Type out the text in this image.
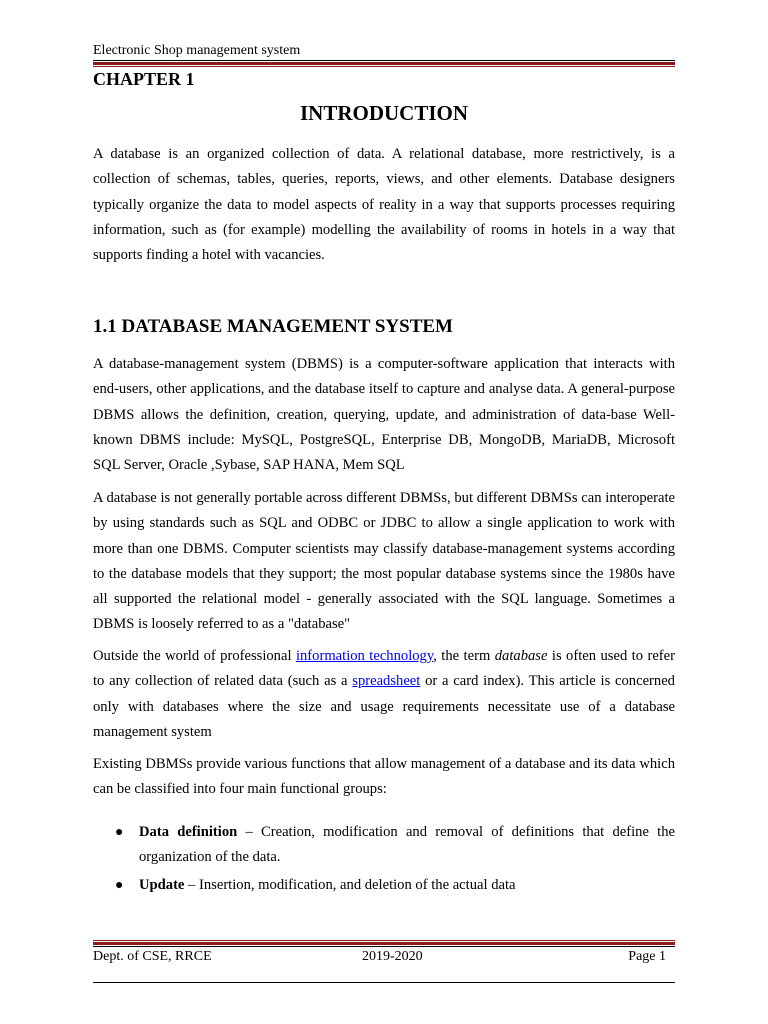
Electronic Shop management system
CHAPTER 1
INTRODUCTION

A database is an organized collection of data. A relational database, more restrictively, is a collection of schemas, tables, queries, reports, views, and other elements. Database designers typically organize the data to model aspects of reality in a way that supports processes requiring information, such as (for example) modelling the availability of rooms in hotels in a way that supports finding a hotel with vacancies.

1.1 DATABASE MANAGEMENT SYSTEM

A database-management system (DBMS) is a computer-software application that interacts with end-users, other applications, and the database itself to capture and analyse data. A general-purpose DBMS allows the definition, creation, querying, update, and administration of data-base Well-known DBMS include: MySQL, PostgreSQL, Enterprise DB, MongoDB, MariaDB, Microsoft SQL Server, Oracle ,Sybase, SAP HANA, Mem SQL

A database is not generally portable across different DBMSs, but different DBMSs can interoperate by using standards such as SQL and ODBC or JDBC to allow a single application to work with more than one DBMS. Computer scientists may classify database-management systems according to the database models that they support; the most popular database systems since the 1980s have all supported the relational model - generally associated with the SQL language. Sometimes a DBMS is loosely referred to as a "database"

Outside the world of professional information technology, the term database is often used to refer to any collection of related data (such as a spreadsheet or a card index). This article is concerned only with databases where the size and usage requirements necessitate use of a database management system

Existing DBMSs provide various functions that allow management of a database and its data which can be classified into four main functional groups:

● Data definition – Creation, modification and removal of definitions that define the organization of the data.
● Update – Insertion, modification, and deletion of the actual data
Dept. of CSE, RRCE	2019-2020	Page 1
